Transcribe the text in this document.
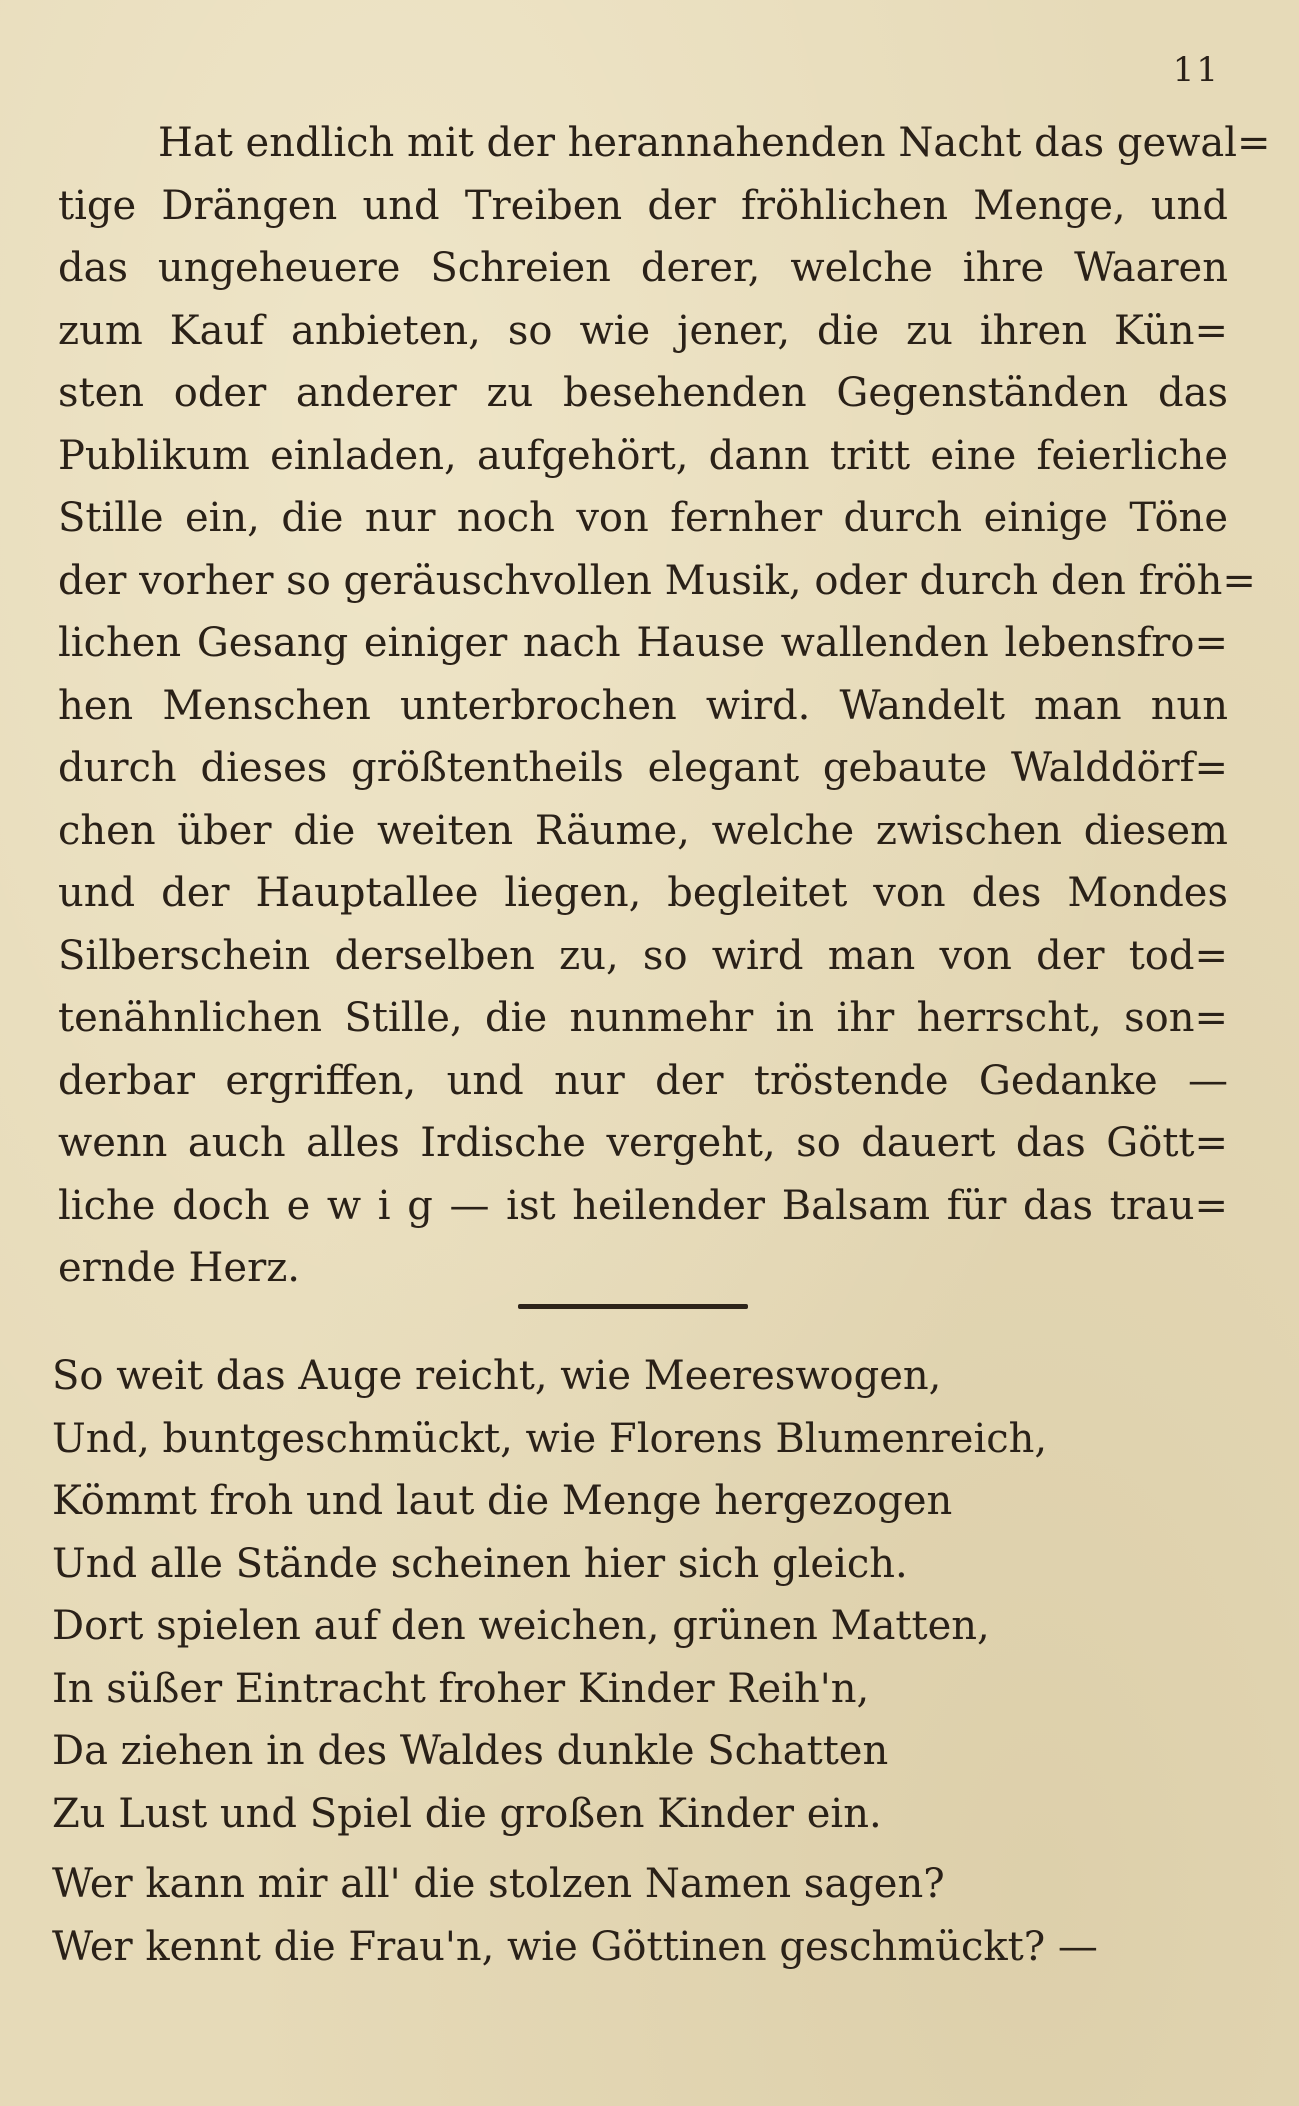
11
Hat endlich mit der herannahenden Nacht das gewal=
tige Drängen und Treiben der fröhlichen Menge, und
das ungeheuere Schreien derer, welche ihre Waaren
zum Kauf anbieten, so wie jener, die zu ihren Kün=
sten oder anderer zu besehenden Gegenständen das
Publikum einladen, aufgehört, dann tritt eine feierliche
Stille ein, die nur noch von fernher durch einige Töne
der vorher so geräuschvollen Musik, oder durch den fröh=
lichen Gesang einiger nach Hause wallenden lebensfro=
hen Menschen unterbrochen wird. Wandelt man nun
durch dieses größtentheils elegant gebaute Walddörf=
chen über die weiten Räume, welche zwischen diesem
und der Hauptallee liegen, begleitet von des Mondes
Silberschein derselben zu, so wird man von der tod=
tenähnlichen Stille, die nunmehr in ihr herrscht, son=
derbar ergriffen, und nur der tröstende Gedanke —
wenn auch alles Irdische vergeht, so dauert das Gött=
liche doch e w i g — ist heilender Balsam für das trau=
ernde Herz.
So weit das Auge reicht, wie Meereswogen,
Und, buntgeschmückt, wie Florens Blumenreich,
Kömmt froh und laut die Menge hergezogen
Und alle Stände scheinen hier sich gleich.
Dort spielen auf den weichen, grünen Matten,
In süßer Eintracht froher Kinder Reih'n,
Da ziehen in des Waldes dunkle Schatten
Zu Lust und Spiel die großen Kinder ein.
Wer kann mir all' die stolzen Namen sagen?
Wer kennt die Frau'n, wie Göttinen geschmückt? —
